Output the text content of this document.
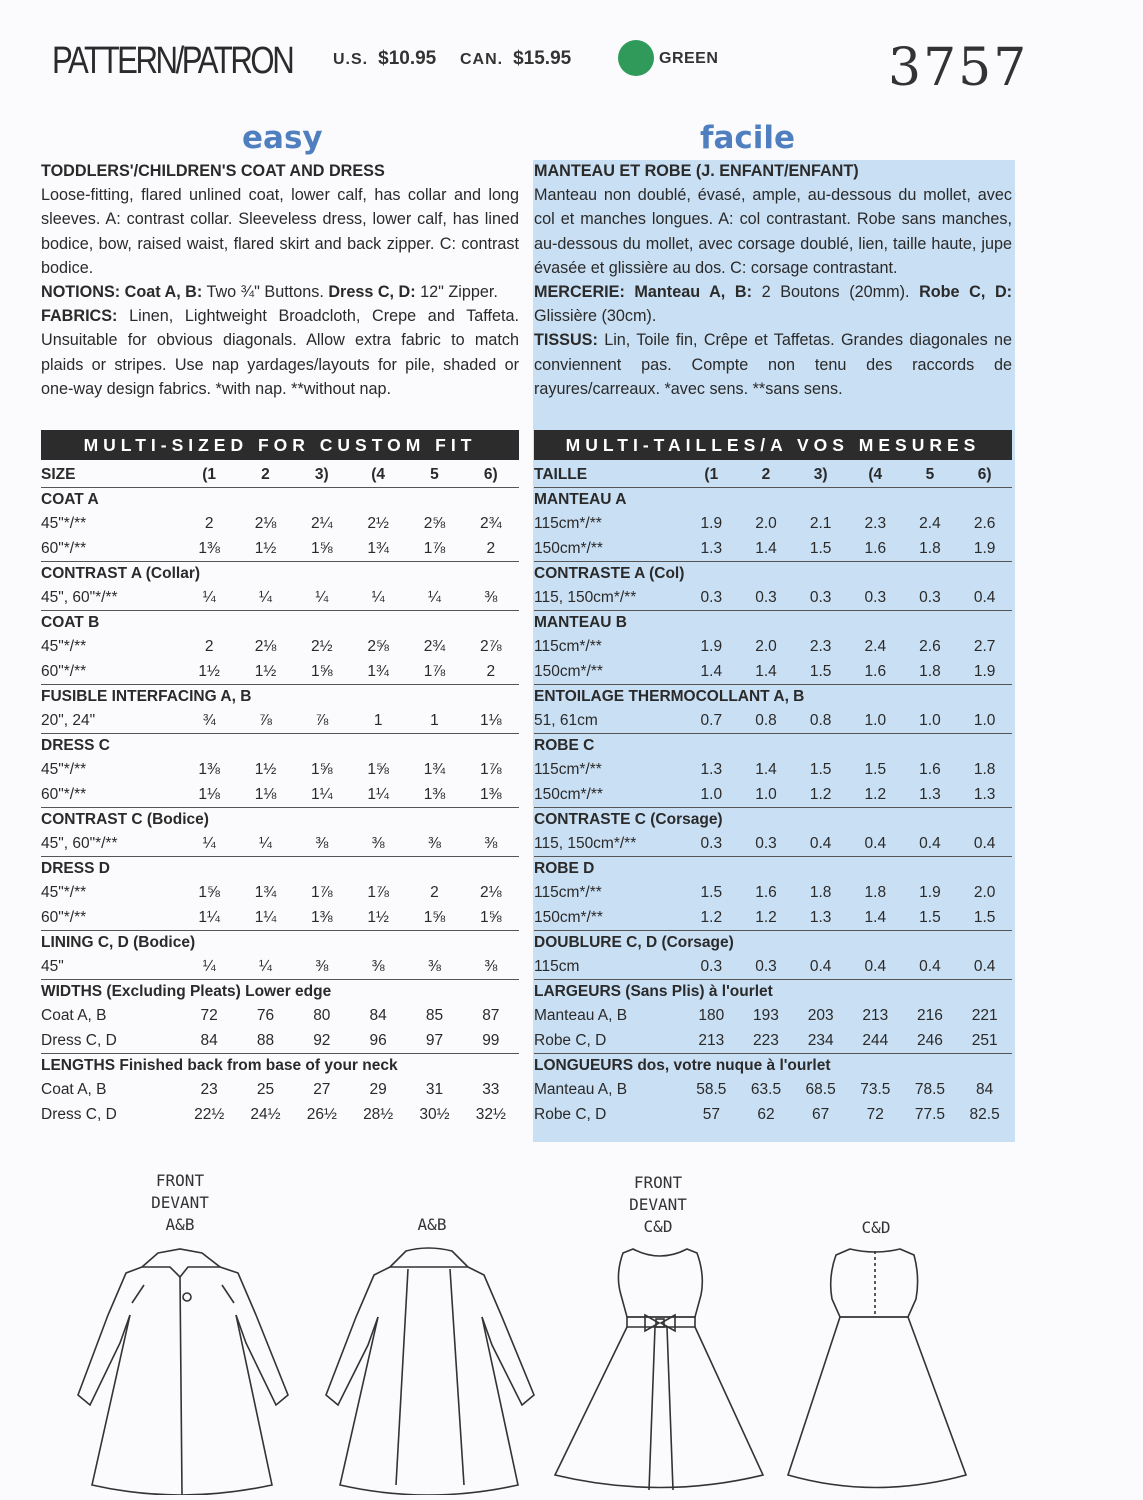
PATTERN/PATRON	U.S. $10.95 CAN. $15.95	GREEN	3757
easy	facile

TODDLERS'/CHILDREN'S COAT AND DRESS

Loose-fitting, flared unlined coat, lower calf, has collar and long sleeves. A: contrast collar. Sleeveless dress, lower calf, has lined bodice, bow, raised waist, flared skirt and back zipper. C: contrast bodice.

NOTIONS: Coat A, B: Two ¾" Buttons. Dress C, D: 12" Zipper.

FABRICS: Linen, Lightweight Broadcloth, Crepe and Taffeta. Unsuitable for obvious diagonals. Allow extra fabric to match plaids or stripes. Use nap yardages/layouts for pile, shaded or one-way design fabrics. *with nap. **without nap.

MANTEAU ET ROBE (J. ENFANT/ENFANT)

Manteau non doublé, évasé, ample, au-dessous du mollet, avec col et manches longues. A: col contrastant. Robe sans manches, au-dessous du mollet, avec corsage doublé, lien, taille haute, jupe évasée et glissière au dos. C: corsage contrastant.

MERCERIE: Manteau A, B: 2 Boutons (20mm). Robe C, D: Glissière (30cm).

TISSUS: Lin, Toile fin, Crêpe et Taffetas. Grandes diagonales ne conviennent pas. Compte non tenu des raccords de rayures/carreaux. *avec sens. **sans sens.

MULTI-SIZED FOR CUSTOM FIT	MULTI-TAILLES/A VOS MESURES
SIZE	(1	2	3)	(4	5	6)
COAT A						
45"*/**	2	2⅛	2¼	2½	2⅝	2¾
60"*/**	1⅜	1½	1⅝	1¾	1⅞	2
CONTRAST A (Collar)						
45", 60"*/**	¼	¼	¼	¼	¼	⅜
COAT B						
45"*/**	2	2⅛	2½	2⅝	2¾	2⅞
60"*/**	1½	1½	1⅝	1¾	1⅞	2
FUSIBLE INTERFACING A, B						
20", 24"	¾	⅞	⅞	1	1	1⅛
DRESS C						
45"*/**	1⅜	1½	1⅝	1⅝	1¾	1⅞
60"*/**	1⅛	1⅛	1¼	1¼	1⅜	1⅜
CONTRAST C (Bodice)						
45", 60"*/**	¼	¼	⅜	⅜	⅜	⅜
DRESS D						
45"*/**	1⅝	1¾	1⅞	1⅞	2	2⅛
60"*/**	1¼	1¼	1⅜	1½	1⅝	1⅝
LINING C, D (Bodice)						
45"	¼	¼	⅜	⅜	⅜	⅜
WIDTHS (Excluding Pleats) Lower edge						
Coat A, B	72	76	80	84	85	87
Dress C, D	84	88	92	96	97	99
LENGTHS Finished back from base of your neck						
Coat A, B	23	25	27	29	31	33
Dress C, D	22½	24½	26½	28½	30½	32½
TAILLE	(1	2	3)	(4	5	6)
MANTEAU A						
115cm*/**	1.9	2.0	2.1	2.3	2.4	2.6
150cm*/**	1.3	1.4	1.5	1.6	1.8	1.9
CONTRASTE A (Col)						
115, 150cm*/**	0.3	0.3	0.3	0.3	0.3	0.4
MANTEAU B						
115cm*/**	1.9	2.0	2.3	2.4	2.6	2.7
150cm*/**	1.4	1.4	1.5	1.6	1.8	1.9
ENTOILAGE THERMOCOLLANT A, B						
51, 61cm	0.7	0.8	0.8	1.0	1.0	1.0
ROBE C						
115cm*/**	1.3	1.4	1.5	1.5	1.6	1.8
150cm*/**	1.0	1.0	1.2	1.2	1.3	1.3
CONTRASTE C (Corsage)						
115, 150cm*/**	0.3	0.3	0.4	0.4	0.4	0.4
ROBE D						
115cm*/**	1.5	1.6	1.8	1.8	1.9	2.0
150cm*/**	1.2	1.2	1.3	1.4	1.5	1.5
DOUBLURE C, D (Corsage)						
115cm	0.3	0.3	0.4	0.4	0.4	0.4
LARGEURS (Sans Plis) à l'ourlet						
Manteau A, B	180	193	203	213	216	221
Robe C, D	213	223	234	244	246	251
LONGUEURS dos, votre nuque à l'ourlet						
Manteau A, B	58.5	63.5	68.5	73.5	78.5	84
Robe C, D	57	62	67	72	77.5	82.5
FRONT
DEVANT
A&B	A&B
FRONT
DEVANT
C&D	C&D
